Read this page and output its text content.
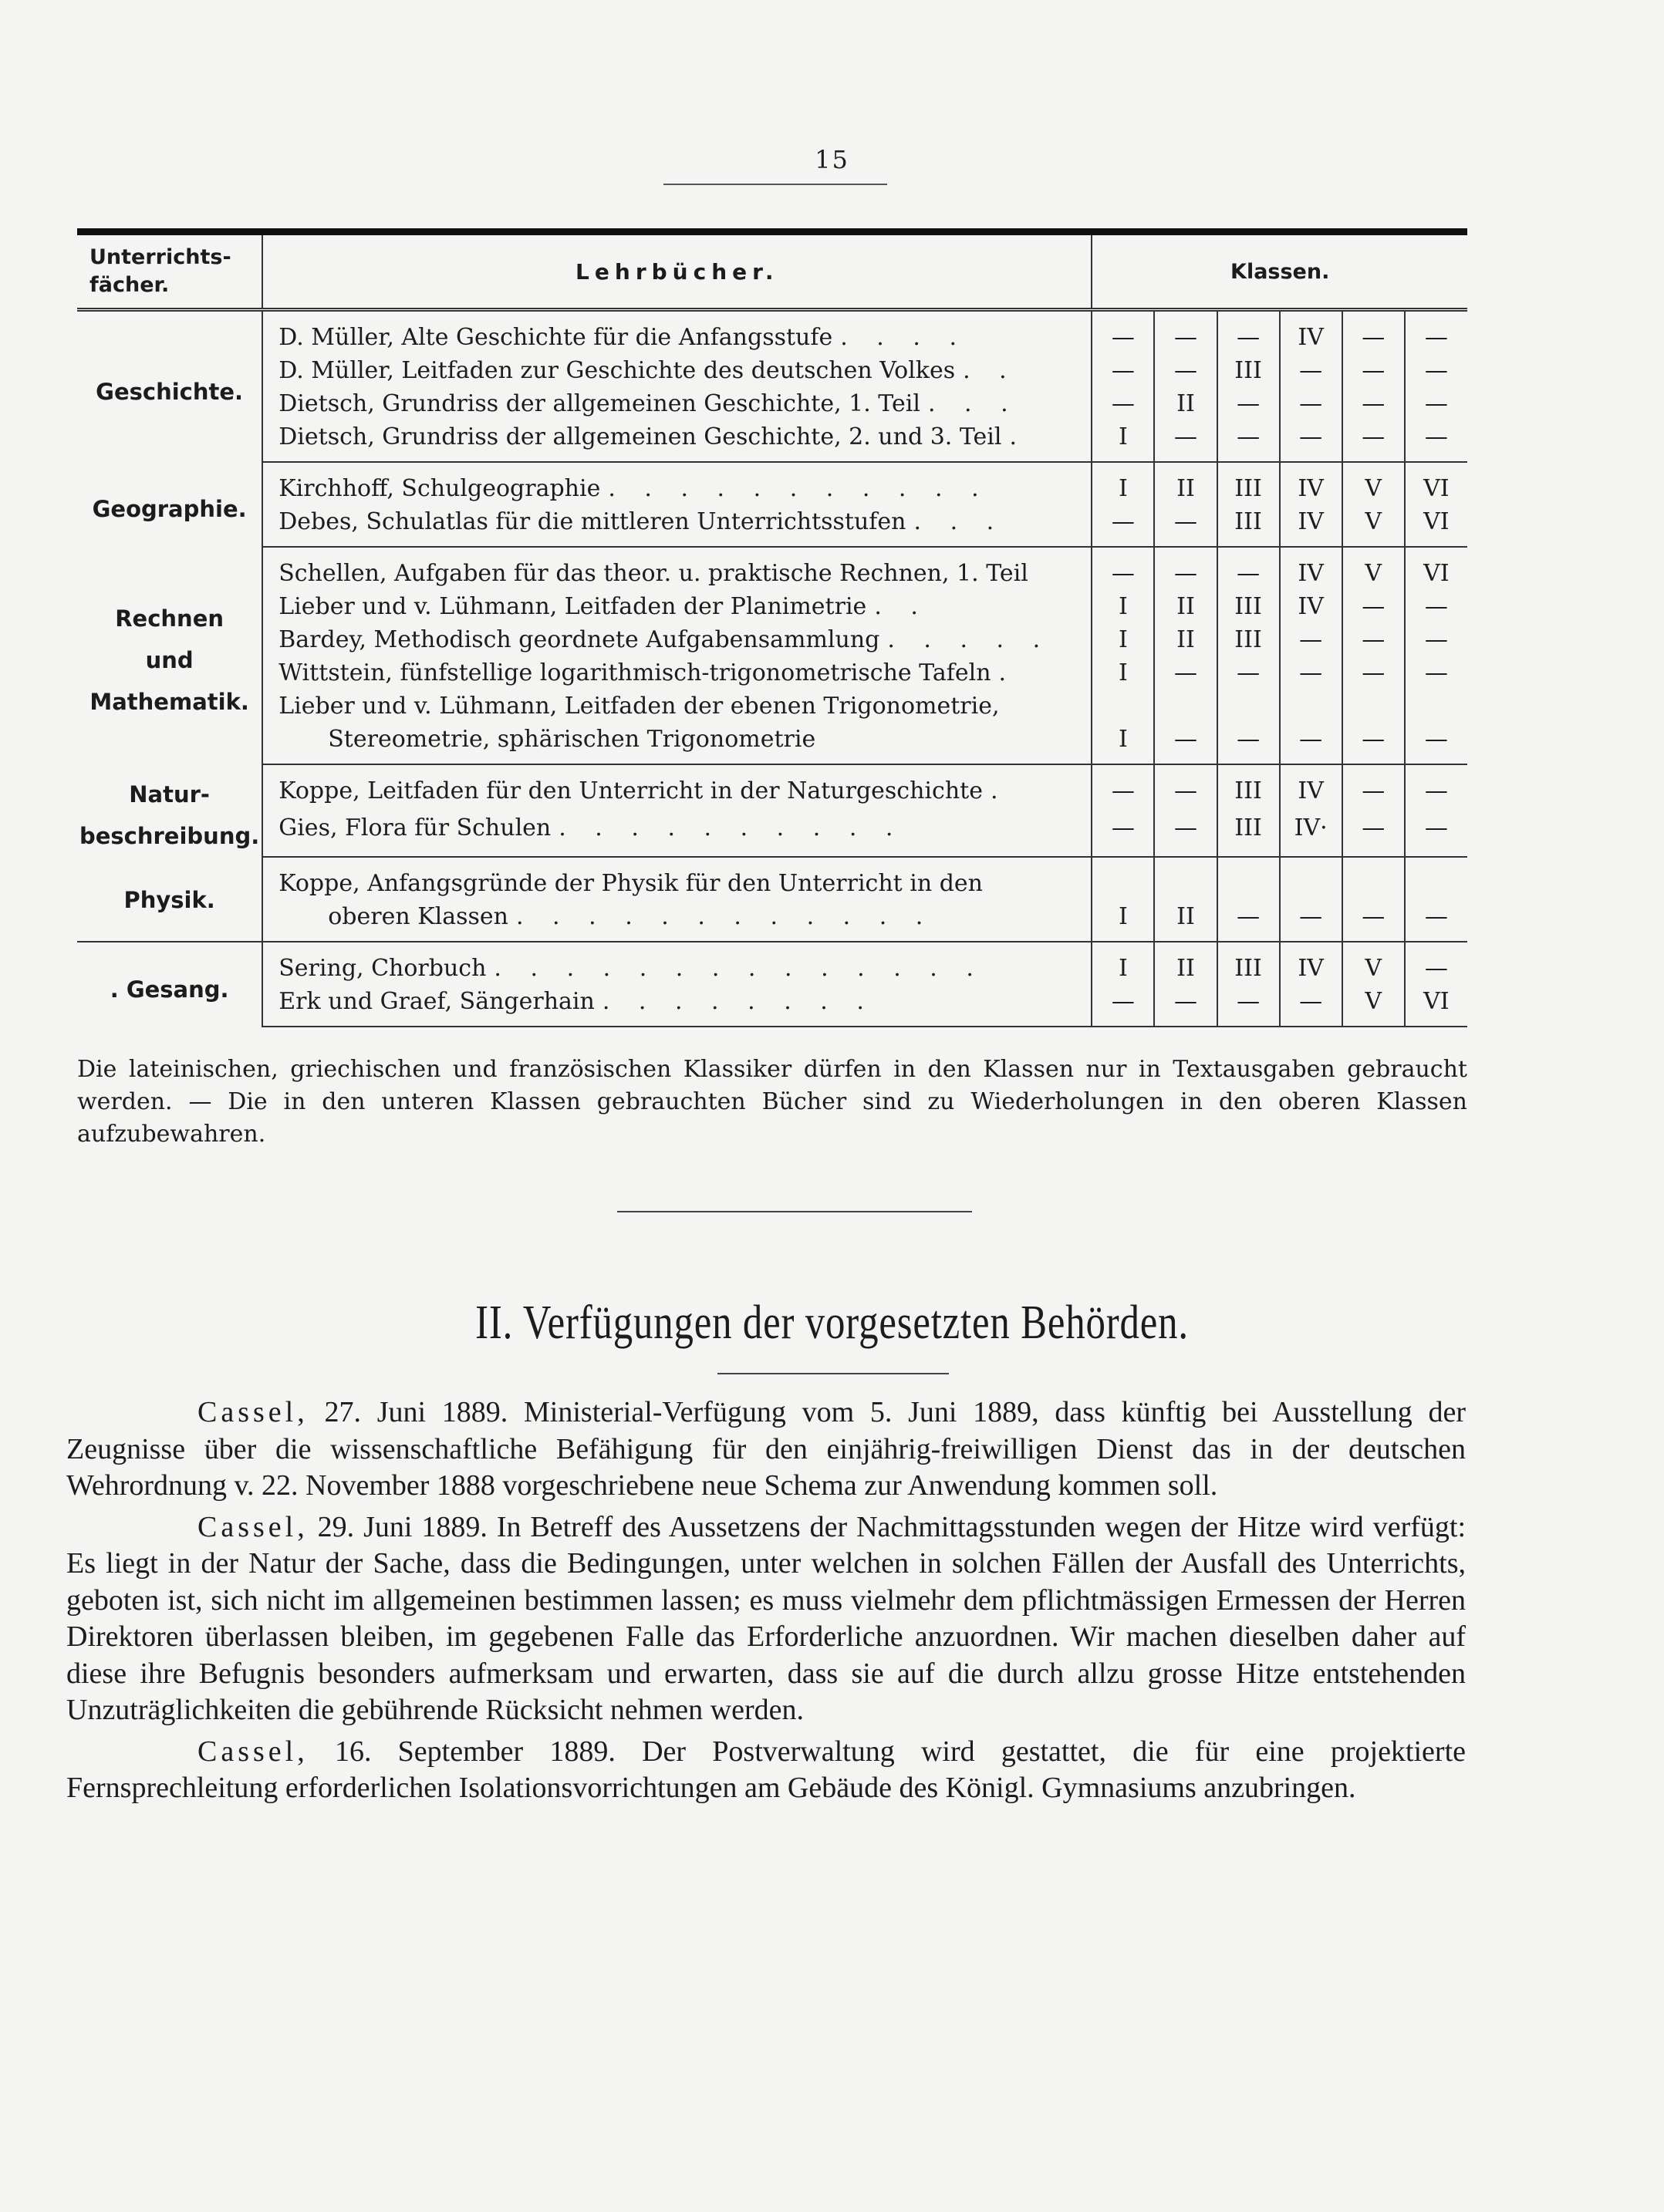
15
Unterrichts-
fächer.	Lehrbücher.	Klassen.					
Geschichte.	D. Müller, Alte Geschichte für die Anfangsstufe . . . .	—	—	—	IV	—	—
	D. Müller, Leitfaden zur Geschichte des deutschen Volkes . .	—	—	III	—	—	—
	Dietsch, Grundriss der allgemeinen Geschichte, 1. Teil . . .	—	II	—	—	—	—
	Dietsch, Grundriss der allgemeinen Geschichte, 2. und 3. Teil .	I	—	—	—	—	—
Geographie.	Kirchhoff, Schulgeographie . . . . . . . . . . .	I	II	III	IV	V	VI
	Debes, Schulatlas für die mittleren Unterrichtsstufen . . .	—	—	III	IV	V	VI
Rechnen
und
Mathematik.	Schellen, Aufgaben für das theor. u. praktische Rechnen, 1. Teil	—	—	—	IV	V	VI
	Lieber und v. Lühmann, Leitfaden der Planimetrie . .	I	II	III	IV	—	—
	Bardey, Methodisch geordnete Aufgabensammlung . . . . .	I	II	III	—	—	—
	Wittstein, fünfstellige logarithmisch-trigonometrische Tafeln .	I	—	—	—	—	—
	Lieber und v. Lühmann, Leitfaden der ebenen Trigonometrie,
Stereometrie, sphärischen Trigonometrie	I	—	—	—	—	—
Natur-
beschreibung.	Koppe, Leitfaden für den Unterricht in der Naturgeschichte .	—	—	III	IV	—	—
	Gies, Flora für Schulen . . . . . . . . . .	—	—	III	IV·	—	—
Physik.	Koppe, Anfangsgründe der Physik für den Unterricht in den
oberen Klassen . . . . . . . . . . . .	I	II	—	—	—	—
. Gesang.	Sering, Chorbuch . . . . . . . . . . . . . .	I	II	III	IV	V	—
	Erk und Graef, Sängerhain . . . . . . . .	—	—	—	—	V	VI
Die lateinischen, griechischen und französischen Klassiker dürfen in den Klassen nur in Textausgaben gebraucht werden. — Die in den unteren Klassen gebrauchten Bücher sind zu Wiederholungen in den oberen Klassen aufzubewahren.
II. Verfügungen der vorgesetzten Behörden.

Cassel, 27. Juni 1889. Ministerial-Verfügung vom 5. Juni 1889, dass künftig bei Ausstellung der Zeugnisse über die wissenschaftliche Befähigung für den einjährig-freiwilligen Dienst das in der deutschen Wehrordnung v. 22. November 1888 vorgeschriebene neue Schema zur Anwendung kommen soll.

Cassel, 29. Juni 1889. In Betreff des Aussetzens der Nachmittagsstunden wegen der Hitze wird verfügt: Es liegt in der Natur der Sache, dass die Bedingungen, unter welchen in solchen Fällen der Ausfall des Unterrichts, geboten ist, sich nicht im allgemeinen bestimmen lassen; es muss vielmehr dem pflichtmässigen Ermessen der Herren Direktoren überlassen bleiben, im gegebenen Falle das Erforderliche anzuordnen. Wir machen dieselben daher auf diese ihre Befugnis besonders aufmerksam und erwarten, dass sie auf die durch allzu grosse Hitze entstehenden Unzuträglichkeiten die gebührende Rücksicht nehmen werden.

Cassel, 16. September 1889. Der Postverwaltung wird gestattet, die für eine projektierte Fernsprechleitung erforderlichen Isolationsvorrichtungen am Gebäude des Königl. Gymnasiums anzubringen.
